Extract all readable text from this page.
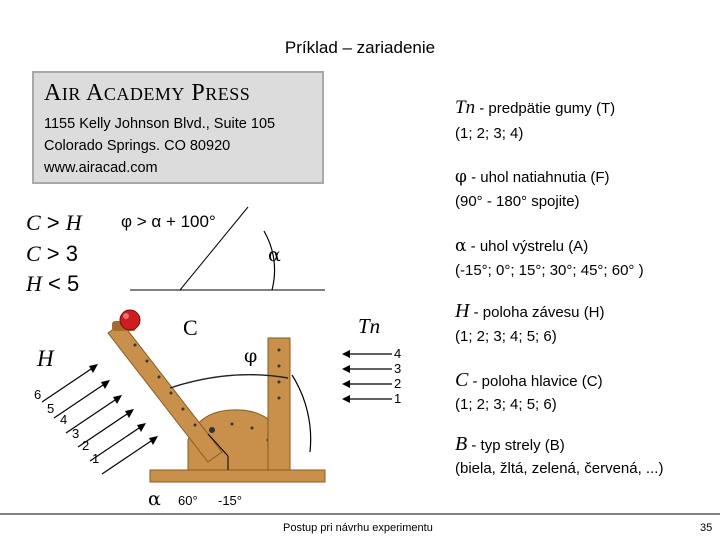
Príklad – zariadenie
AIR ACADEMY PRESS
1155 Kelly Johnson Blvd., Suite 105
Colorado Springs. CO 80920
www.airacad.com
Tn - predpätie gumy (T)
(1; 2; 3; 4)
φ - uhol natiahnutia (F)
(90° - 180° spojite)
α - uhol výstrelu (A)
(-15°; 0°; 15°; 30°; 45°; 60° )
H - poloha závesu (H)
(1; 2; 3; 4; 5; 6)
C - poloha hlavice (C)
(1; 2; 3; 4; 5; 6)
B - typ strely (B)
(biela, žltá, zelená, červená, ...)
C > H
C > 3
H < 5
φ > α + 100°
α
C
H
Tn
φ	4
3
2
1
6
5
4
3
2
1
α 60° -15°
Postup pri návrhu experimentu	35
